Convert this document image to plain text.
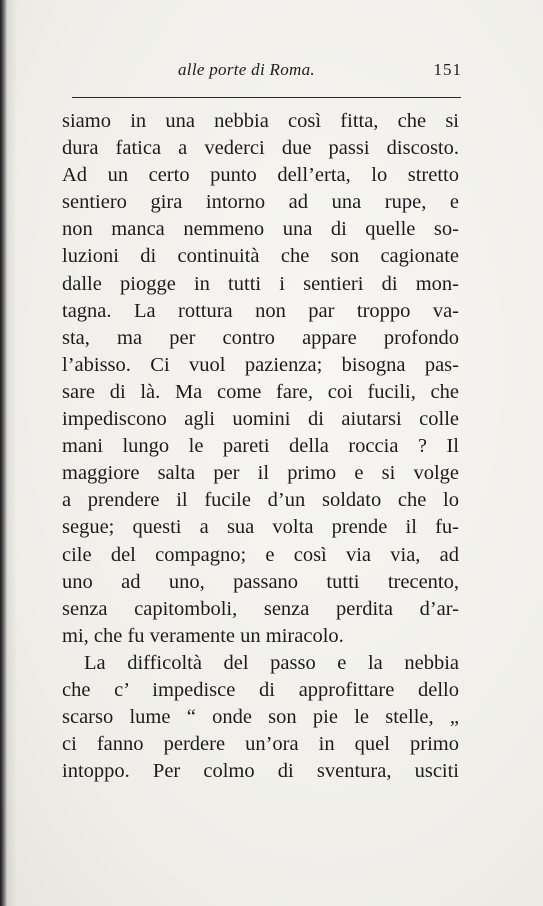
alle porte di Roma.	151
siamo in una nebbia così fitta, che si
dura fatica a vederci due passi discosto.
Ad un certo punto dell’erta, lo stretto
sentiero gira intorno ad una rupe, e
non manca nemmeno una di quelle so-
luzioni di continuità che son cagionate
dalle piogge in tutti i sentieri di mon-
tagna. La rottura non par troppo va-
sta, ma per contro appare profondo
l’abisso. Ci vuol pazienza; bisogna pas-
sare di là. Ma come fare, coi fucili, che
impediscono agli uomini di aiutarsi colle
mani lungo le pareti della roccia ? Il
maggiore salta per il primo e si volge
a prendere il fucile d’un soldato che lo
segue; questi a sua volta prende il fu-
cile del compagno; e così via via, ad
uno ad uno, passano tutti trecento,
senza capitomboli, senza perdita d’ar-
mi, che fu veramente un miracolo.
La difficoltà del passo e la nebbia
che c’ impedisce di approfittare dello
scarso lume “ onde son pie le stelle, „
ci fanno perdere un’ora in quel primo
intoppo. Per colmo di sventura, usciti
